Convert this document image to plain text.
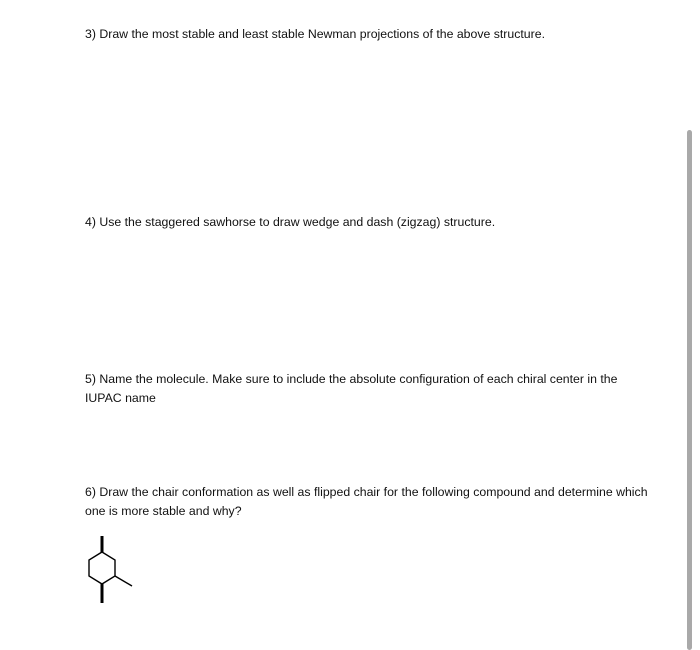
3) Draw the most stable and least stable Newman projections of the above structure.

4) Use the staggered sawhorse to draw wedge and dash (zigzag) structure.

5) Name the molecule. Make sure to include the absolute configuration of each chiral center in the IUPAC name

6) Draw the chair conformation as well as flipped chair for the following compound and determine which one is more stable and why?
